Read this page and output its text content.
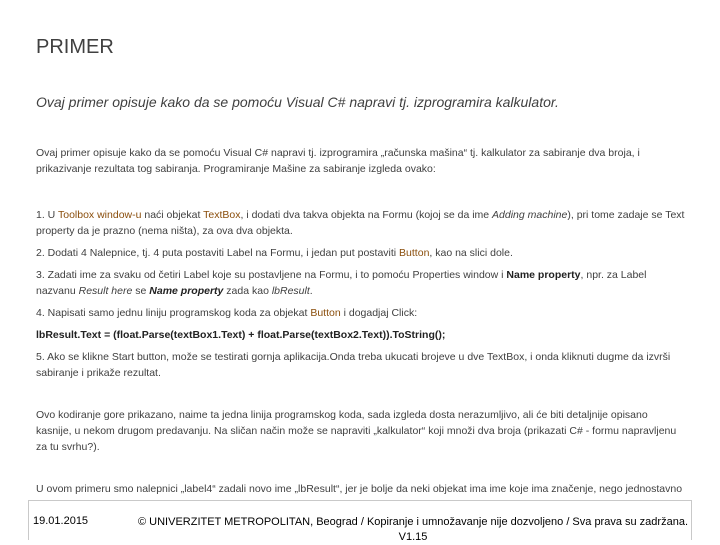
PRIMER

Ovaj primer opisuje kako da se pomoću Visual C# napravi tj. izprogramira kalkulator.

Ovaj primer opisuje kako da se pomoću Visual C# napravi tj. izprogramira „računska mašina“ tj. kalkulator za sabiranje dva broja, i prikazivanje rezultata tog sabiranja. Programiranje Mašine za sabiranje izgleda ovako:

1. U Toolbox window-u naći objekat TextBox, i dodati dva takva objekta na Formu (kojoj se da ime Adding machine), pri tome zadaje se Text property da je prazno (nema ništa), za ova dva objekta.

2. Dodati 4 Nalepnice, tj. 4 puta postaviti Label na Formu, i jedan put postaviti Button, kao na slici dole.

3. Zadati ime za svaku od četiri Label koje su postavljene na Formu, i to pomoću Properties window i Name property, npr. za Label nazvanu Result here se Name property zada kao lbResult.

4. Napisati samo jednu liniju programskog koda za objekat Button i dogadjaj Click:

lbResult.Text = (float.Parse(textBox1.Text) + float.Parse(textBox2.Text)).ToString();

5. Ako se klikne Start button, može se testirati gornja aplikacija.Onda treba ukucati brojeve u dve TextBox, i onda kliknuti dugme da izvrši sabiranje i prikaže rezultat.

Ovo kodiranje gore prikazano, naime ta jedna linija programskog koda, sada izgleda dosta nerazumljivo, ali će biti detaljnije opisano kasnije, u nekom drugom predavanju. Na sličan način može se napraviti „kalkulator“ koji množi dva broja (prikazati C# - formu napravljenu za tu svrhu?).

U ovom primeru smo nalepnici „label4“ zadali novo ime „lbResult“, jer je bolje da neki objekat ima ime koje ima značenje, nego jednostavno

19.01.2015	© UNIVERZITET METROPOLITAN, Beograd / Kopiranje i umnožavanje nije dozvoljeno / Sva prava su zadržana.
V1.15
